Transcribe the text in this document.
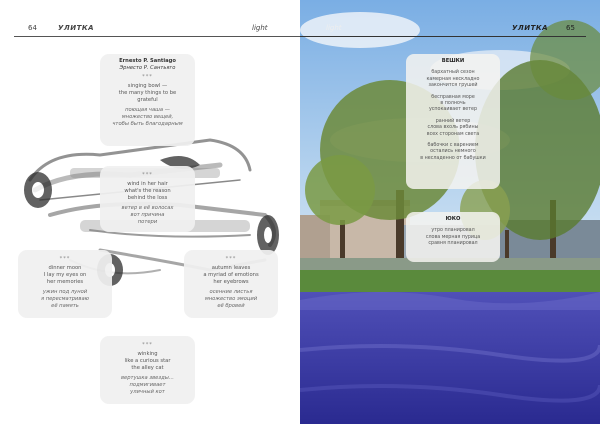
64	УЛИТКА	light
Ernesto P. Santiago
Эрнесто Р. Сантьяго
***
singing bowl —
the many things to be
grateful
поющая чаша —
множество вещей,
чтобы быть благодарным
***
wind in her hair
what's the reason
behind the loss
ветер в её волосах
вот причина
потери
***
dinner moon
I lay my eyes on
her memories
ужин под луной
я пересматриваю
её память
***
autumn leaves
a myriad of emotions
her eyebrows
осенние листья
множество эмоций
её бровей
***
winking
like a curious star
the alley cat
вертушка звезды…
подмигивает
уличный кот
light	УЛИТКА	65
ВЕШКИ

бархатный сезон
камерная нескладно
закончится грушей

бесправная море
в полночь
успокаивает ветер

ранний ветер
слова вхоль рябины
всех сторонам света

бабочки с варением
остались немного
в несладенно от бабушки

ЮКО
утро планировал
слова мерная пурица
сравня планировал
